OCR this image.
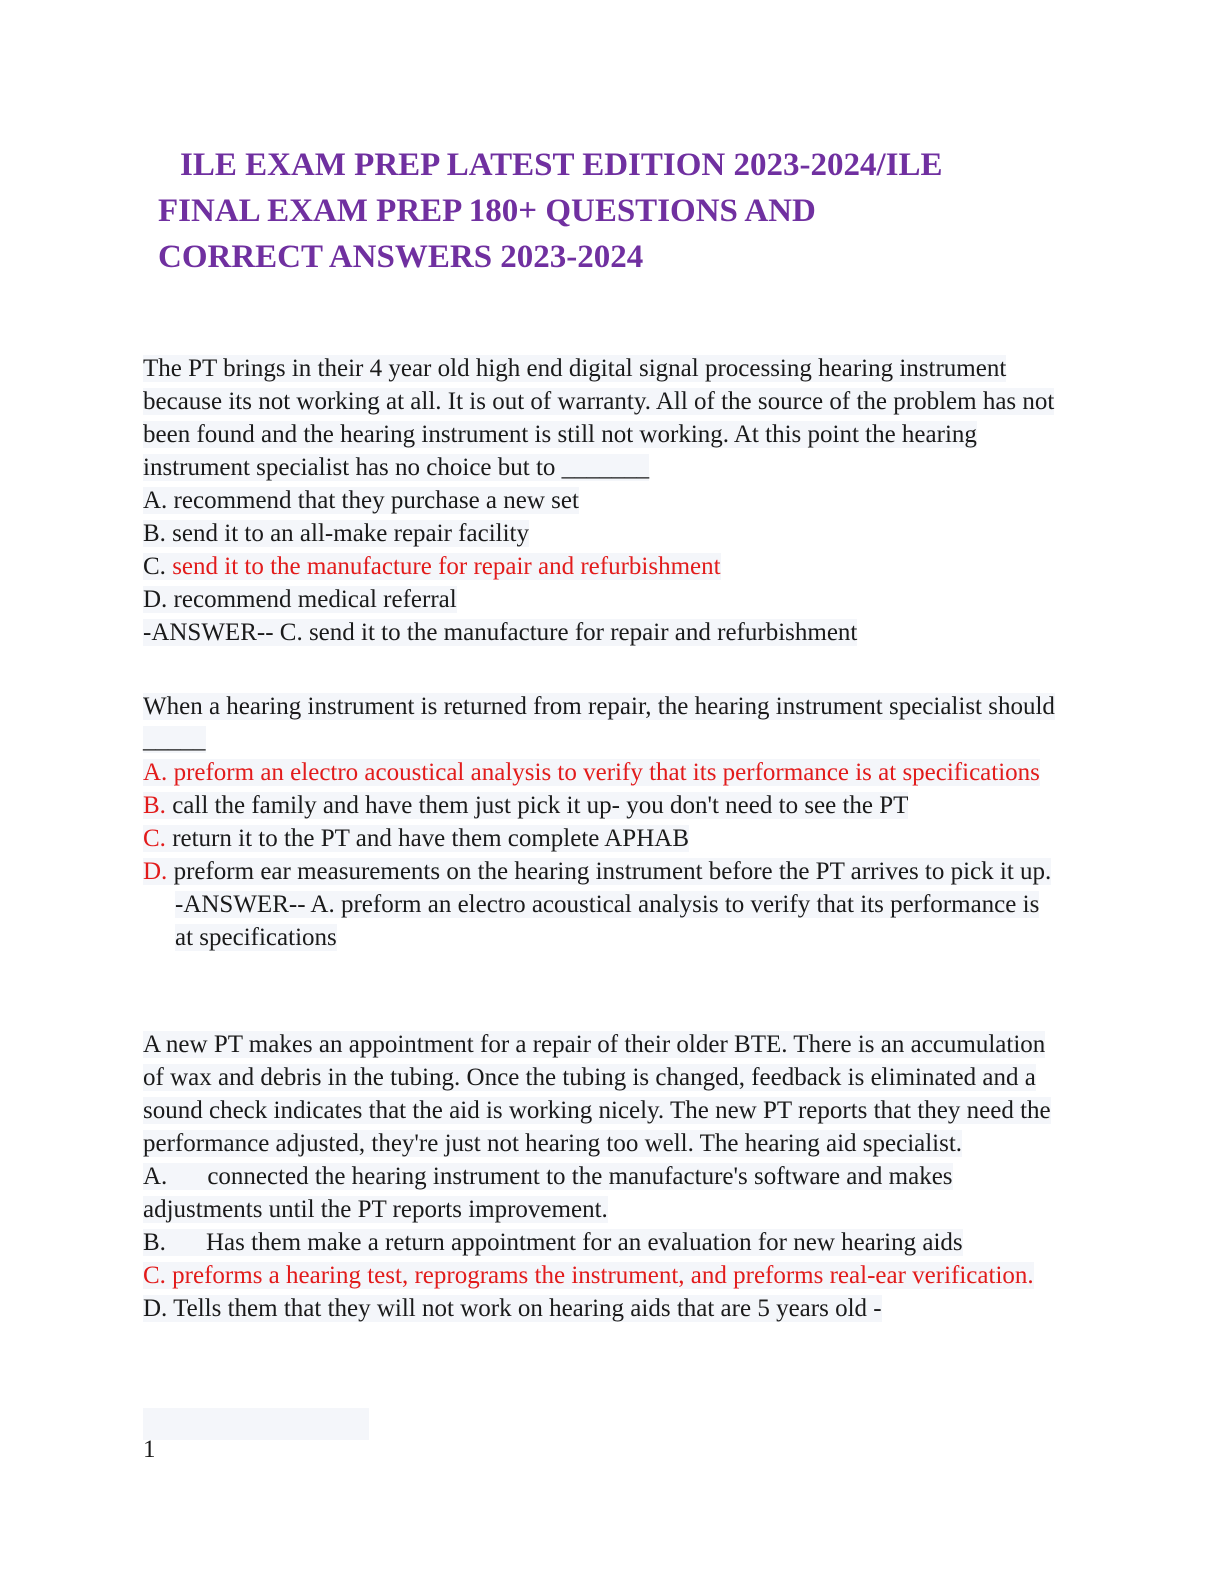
ILE EXAM PREP LATEST EDITION 2023-2024/ILE
FINAL EXAM PREP 180+ QUESTIONS AND
CORRECT ANSWERS 2023-2024
The PT brings in their 4 year old high end digital signal processing hearing instrument because its not working at all. It is out of warranty. All of the source of the problem has not been found and the hearing instrument is still not working. At this point the hearing instrument specialist has no choice but to _______
A. recommend that they purchase a new set
B. send it to an all-make repair facility
C. send it to the manufacture for repair and refurbishment
D. recommend medical referral
-ANSWER-- C. send it to the manufacture for repair and refurbishment
When a hearing instrument is returned from repair, the hearing instrument specialist should _____
A. preform an electro acoustical analysis to verify that its performance is at specifications
B. call the family and have them just pick it up- you don't need to see the PT
C. return it to the PT and have them complete APHAB
D. preform ear measurements on the hearing instrument before the PT arrives to pick it up. -ANSWER-- A. preform an electro acoustical analysis to verify that its performance is at specifications
A new PT makes an appointment for a repair of their older BTE. There is an accumulation of wax and debris in the tubing. Once the tubing is changed, feedback is eliminated and a sound check indicates that the aid is working nicely. The new PT reports that they need the performance adjusted, they're just not hearing too well. The hearing aid specialist.
A. connected the hearing instrument to the manufacture's software and makes adjustments until the PT reports improvement.
B. Has them make a return appointment for an evaluation for new hearing aids
C. preforms a hearing test, reprograms the instrument, and preforms real-ear verification.
D. Tells them that they will not work on hearing aids that are 5 years old -
1
